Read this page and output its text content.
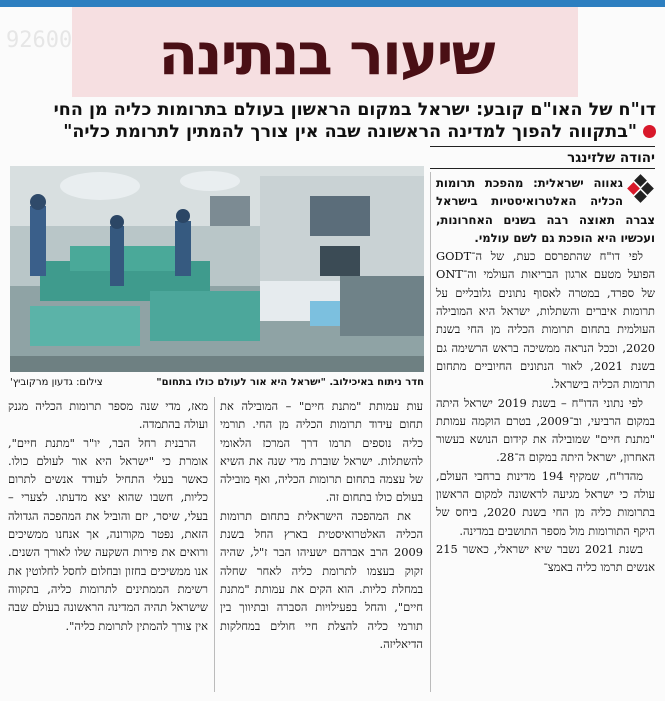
92600	שיעור בנתינה
דו"ח של האו"ם קובע: ישראל במקום הראשון בעולם בתרומות כליה מן החי
"בתקווה להפוך למדינה הראשונה שבה אין צורך להמתין לתרומת כליה"
יהודה שלזינגר
חדר ניתוח באיכילוב. "ישראל היא אור לעולם כולו בתחום"
צילום: גדעון מרקוביץ'
גאווה ישראלית: מהפכת תרומות הכליה האלטרואיסטיות בישראל צברה תאוצה רבה בשנים האחרונות, ועכשיו היא הופכת גם לשם עולמי.

לפי דו"ח שהתפרסם כעת, של ה־GODT הפועל מטעם ארגון הבריאות העולמי וה־ONT של ספרד, במטרה לאסוף נתונים גלובליים על תרומות איברים והשתלות, ישראל היא המובילה העולמית בתחום תרומות הכליה מן החי בשנת 2020, וככל הנראה ממשיכה בראש הרשימה גם בשנת 2021, לאור הנתונים החיוביים מתחום תרומות הכליה בישראל.

לפי נתוני הדו"ח – בשנת 2019 ישראל היתה במקום הרביעי, וב־2009, בטרם הוקמה עמותת "מתנת חיים" שמובילה את קידום הנושא בעשור האחרון, ישראל היתה במקום ה־28.

מהדו"ח, שמקיף 194 מדינות ברחבי העולם, עולה כי ישראל מגיעה לראשונה למקום הראשון בתרומות כליה מן החי בשנת 2020, ביחס של היקף התורומות מול מספר התושבים במדינה.

בשנת 2021 נשבר שיא ישראלי, כאשר 215 אנשים תרמו כליה באמצ־

עות עמותת "מתנת חיים" – המובילה את תחום עידוד תרומות הכליה מן החי. תורמי כליה נוספים תרמו דרך המרכז הלאומי להשתלות. ישראל שוברת מדי שנה את השיא של עצמה בתחום תרומות הכליה, ואף מובילה בעולם כולו בתחום זה.

את המהפכה הישראלית בתחום תרומות הכליה האלטרואיסטית בארץ החל בשנת 2009 הרב אברהם ישעיהו הבר ז"ל, שהיה זקוק בעצמו לתרומת כליה לאחר שחלה במחלת כליות. הוא הקים את עמותת "מתנת חיים", והחל בפעילויות הסברה ובתיווך בין תורמי כליה להצלת חיי חולים במחלקות הדיאליזה.

מאז, מדי שנה מספר תרומות הכליה מגנק ועולה בהתמדה.

הרבנית רחל הבר, יו"ר "מתנת חיים", אומרת כי "ישראל היא אור לעולם כולו. כאשר בעלי התחיל לעודד אנשים לתרום כליות, חשבו שהוא יצא מדעתו. לצערי – בעלי, שיסר, יזם והוביל את המהפכה הגדולה הזאת, נפטר מקורונה, אך אנחנו ממשיכים ורואים את פירות השקעה שלו לאורך השנים. אנו ממשיכים בחזון ובחלום לחסל לחלוטין את רשימת הממתינים לתרומות כליה, בתקווה שישראל תהיה המדינה הראשונה בעולם שבה אין צורך להמתין לתרומת כליה".
